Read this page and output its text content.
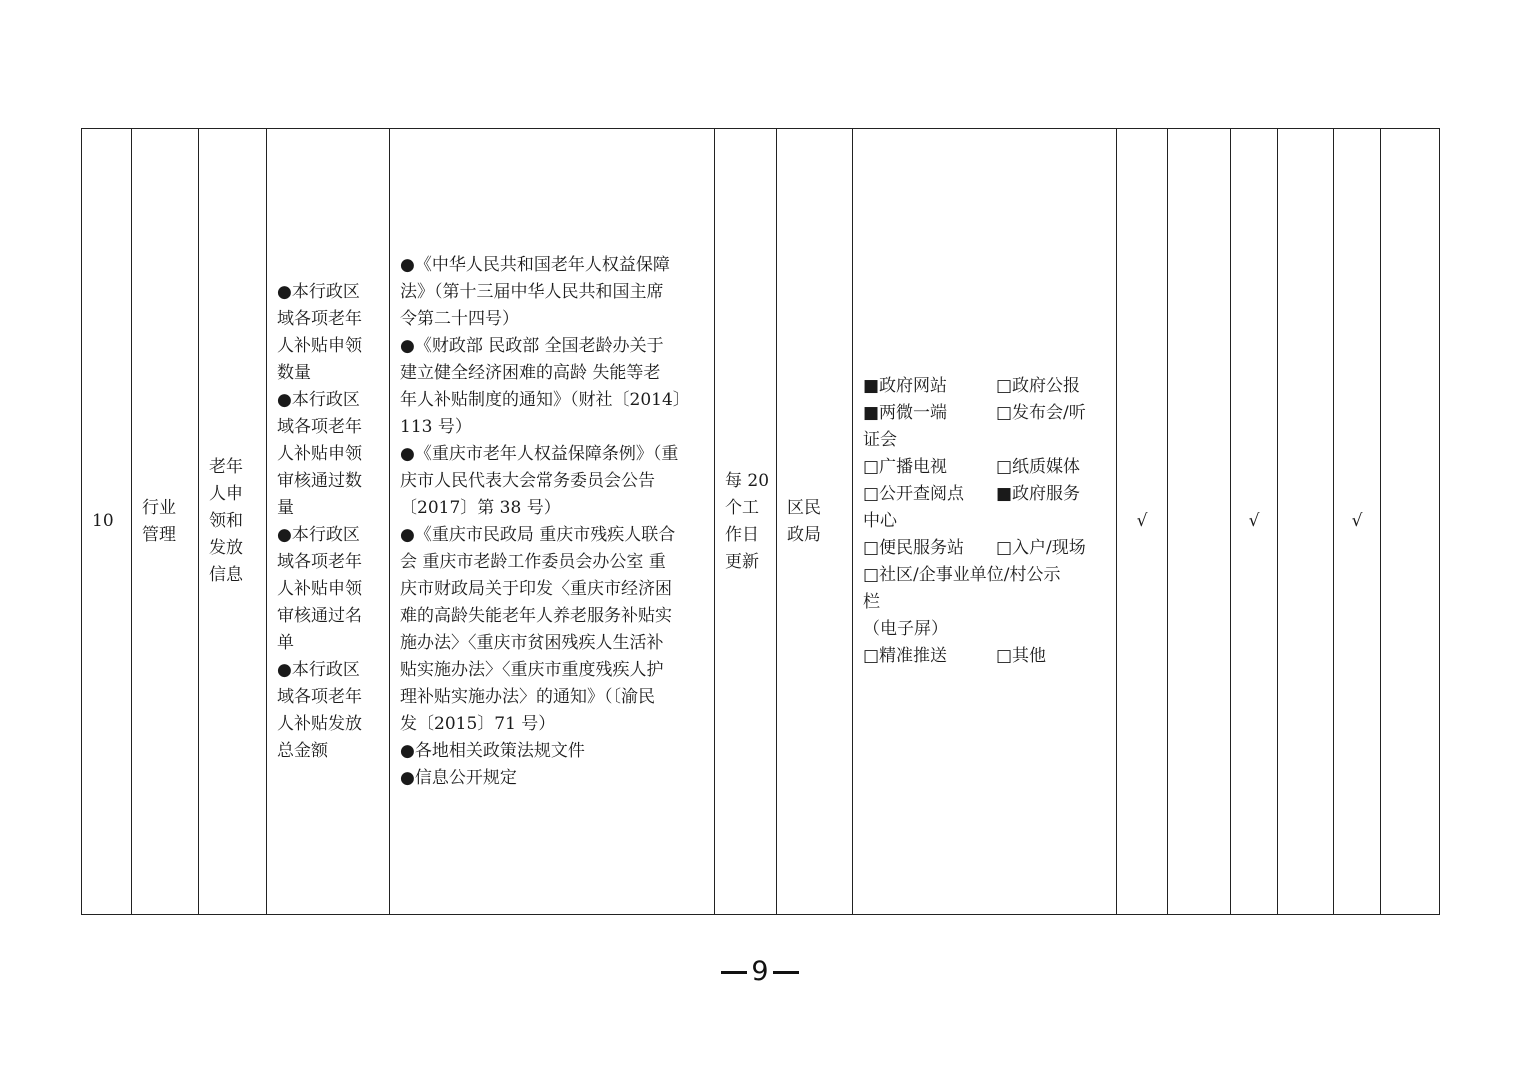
10	
行业
管理

老年
人申
领和
发放
信息

●本行政区
域各项老年
人补贴申领
数量
●本行政区
域各项老年
人补贴申领
审核通过数
量
●本行政区
域各项老年
人补贴申领
审核通过名
单
●本行政区
域各项老年
人补贴发放
总金额

●《中华人民共和国老年人权益保障
法》（第十三届中华人民共和国主席
令第二十四号）
●《财政部 民政部 全国老龄办关于
建立健全经济困难的高龄 失能等老
年人补贴制度的通知》（财社〔2014〕
113 号）
●《重庆市老年人权益保障条例》（重
庆市人民代表大会常务委员会公告
〔2017〕第 38 号）
●《重庆市民政局 重庆市残疾人联合
会 重庆市老龄工作委员会办公室 重
庆市财政局关于印发〈重庆市经济困
难的高龄失能老年人养老服务补贴实
施办法〉〈重庆市贫困残疾人生活补
贴实施办法〉〈重庆市重度残疾人护
理补贴实施办法〉的通知》（〔渝民
发〔2015〕71 号）
●各地相关政策法规文件
●信息公开规定

每 20
个工
作日
更新

区民
政局

■政府网站	□政府公报
■两微一端	□发布会/听
证会
□广播电视	□纸质媒体
□公开查阅点	■政府服务
中心
□便民服务站	□入户/现场
□社区/企事业单位/村公示
栏
（电子屏）
□精准推送	□其他
	√		√		√	
9
